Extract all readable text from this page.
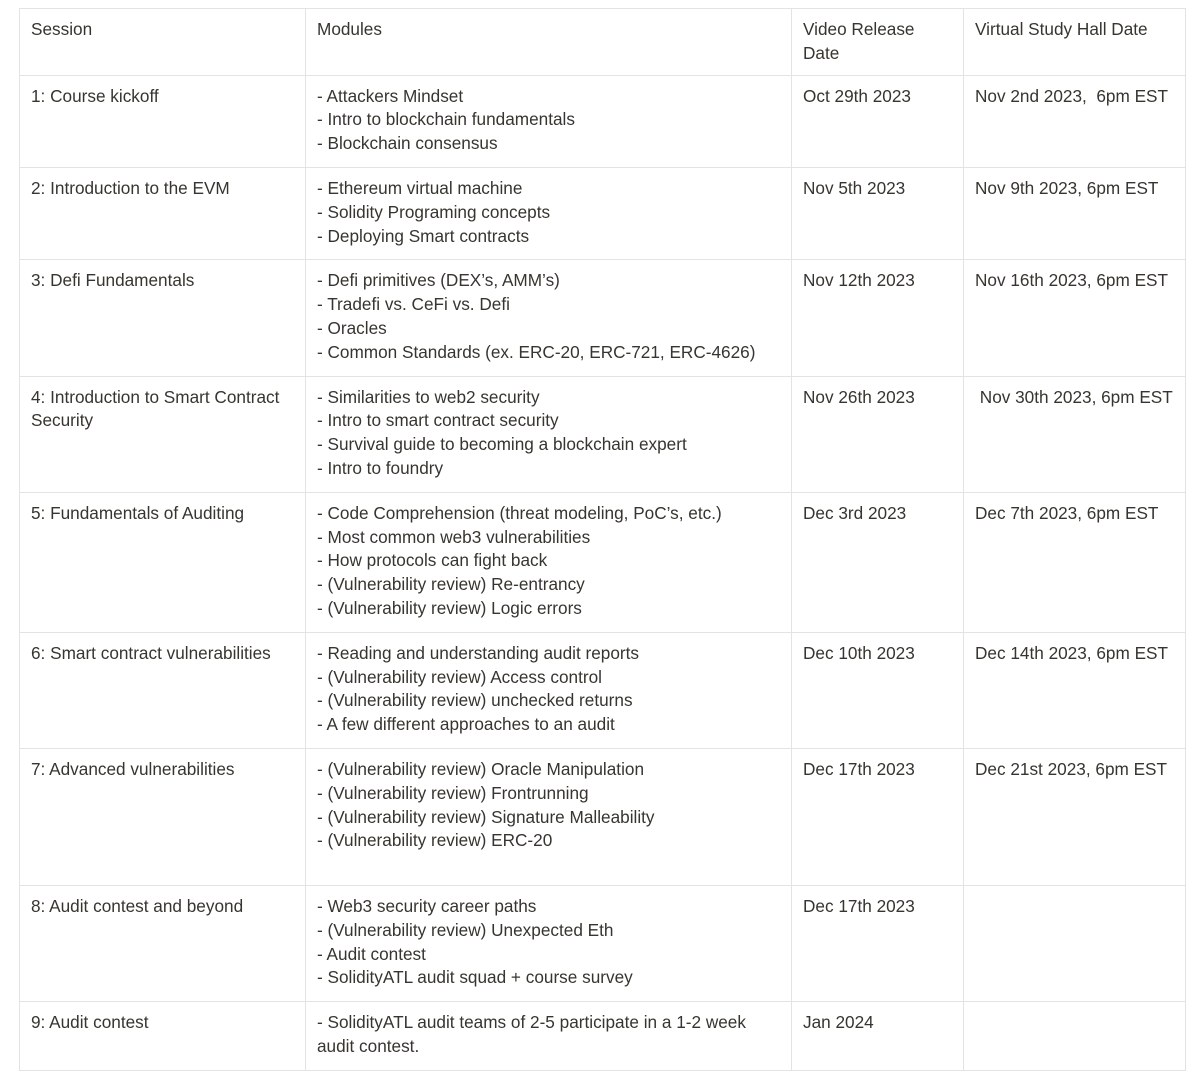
Session	Modules	Video Release Date	Virtual Study Hall Date
1: Course kickoff	- Attackers Mindset
- Intro to blockchain fundamentals
- Blockchain consensus	Oct 29th 2023	Nov 2nd 2023,  6pm EST
2: Introduction to the EVM	- Ethereum virtual machine
- Solidity Programing concepts
- Deploying Smart contracts	Nov 5th 2023	Nov 9th 2023, 6pm EST
3: Defi Fundamentals	- Defi primitives (DEX’s, AMM’s)
- Tradefi vs. CeFi vs. Defi
- Oracles
- Common Standards (ex. ERC-20, ERC-721, ERC-4626)	Nov 12th 2023	Nov 16th 2023, 6pm EST
4: Introduction to Smart Contract Security	- Similarities to web2 security
- Intro to smart contract security
- Survival guide to becoming a blockchain expert
- Intro to foundry	Nov 26th 2023	Nov 30th 2023, 6pm EST
5: Fundamentals of Auditing	- Code Comprehension (threat modeling, PoC’s, etc.)
- Most common web3 vulnerabilities
- How protocols can fight back
- (Vulnerability review) Re-entrancy
- (Vulnerability review) Logic errors	Dec 3rd 2023	Dec 7th 2023, 6pm EST
6: Smart contract vulnerabilities	- Reading and understanding audit reports
- (Vulnerability review) Access control
- (Vulnerability review) unchecked returns
- A few different approaches to an audit	Dec 10th 2023	Dec 14th 2023, 6pm EST
7: Advanced vulnerabilities	- (Vulnerability review) Oracle Manipulation
- (Vulnerability review) Frontrunning
- (Vulnerability review) Signature Malleability
- (Vulnerability review) ERC-20	Dec 17th 2023	Dec 21st 2023, 6pm EST
8: Audit contest and beyond	- Web3 security career paths
- (Vulnerability review) Unexpected Eth
- Audit contest
- SolidityATL audit squad + course survey	Dec 17th 2023	
9: Audit contest	- SolidityATL audit teams of 2-5 participate in a 1-2 week audit contest.	Jan 2024	
